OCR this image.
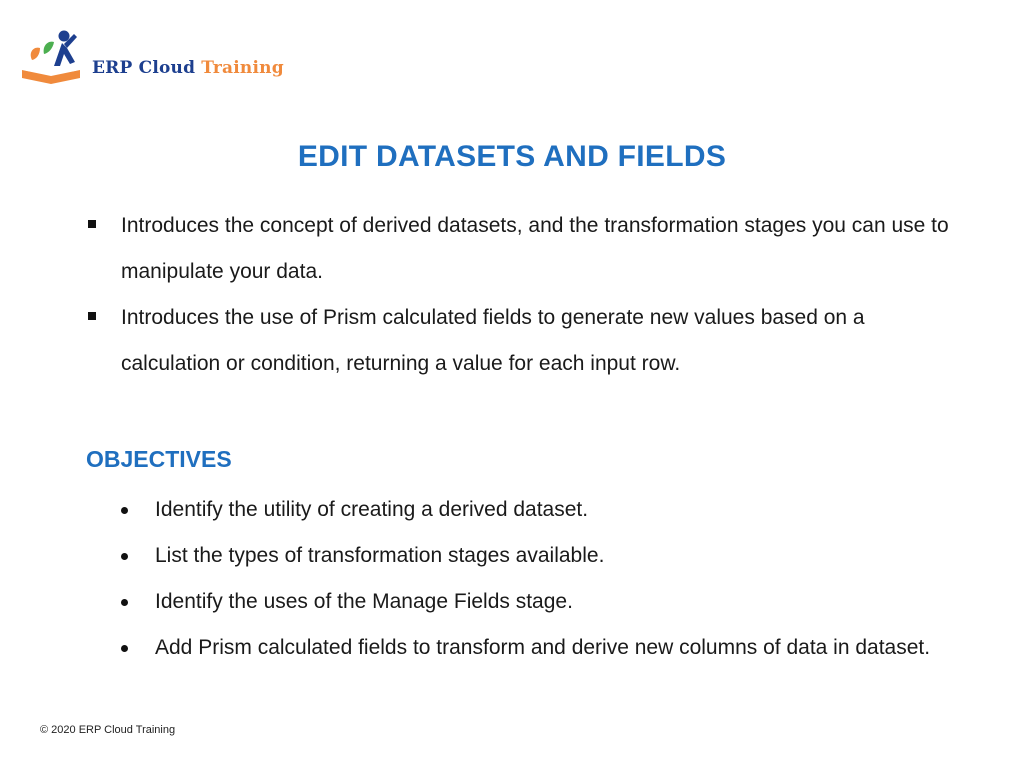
ERP Cloud Training
EDIT DATASETS AND FIELDS
Introduces the concept of derived datasets, and the transformation stages you can use to manipulate your data.
Introduces the use of Prism calculated fields to generate new values based on a calculation or condition, returning a value for each input row.
OBJECTIVES
Identify the utility of creating a derived dataset.
List the types of transformation stages available.
Identify the uses of the Manage Fields stage.
Add Prism calculated fields to transform and derive new columns of data in dataset.
© 2020 ERP Cloud Training
